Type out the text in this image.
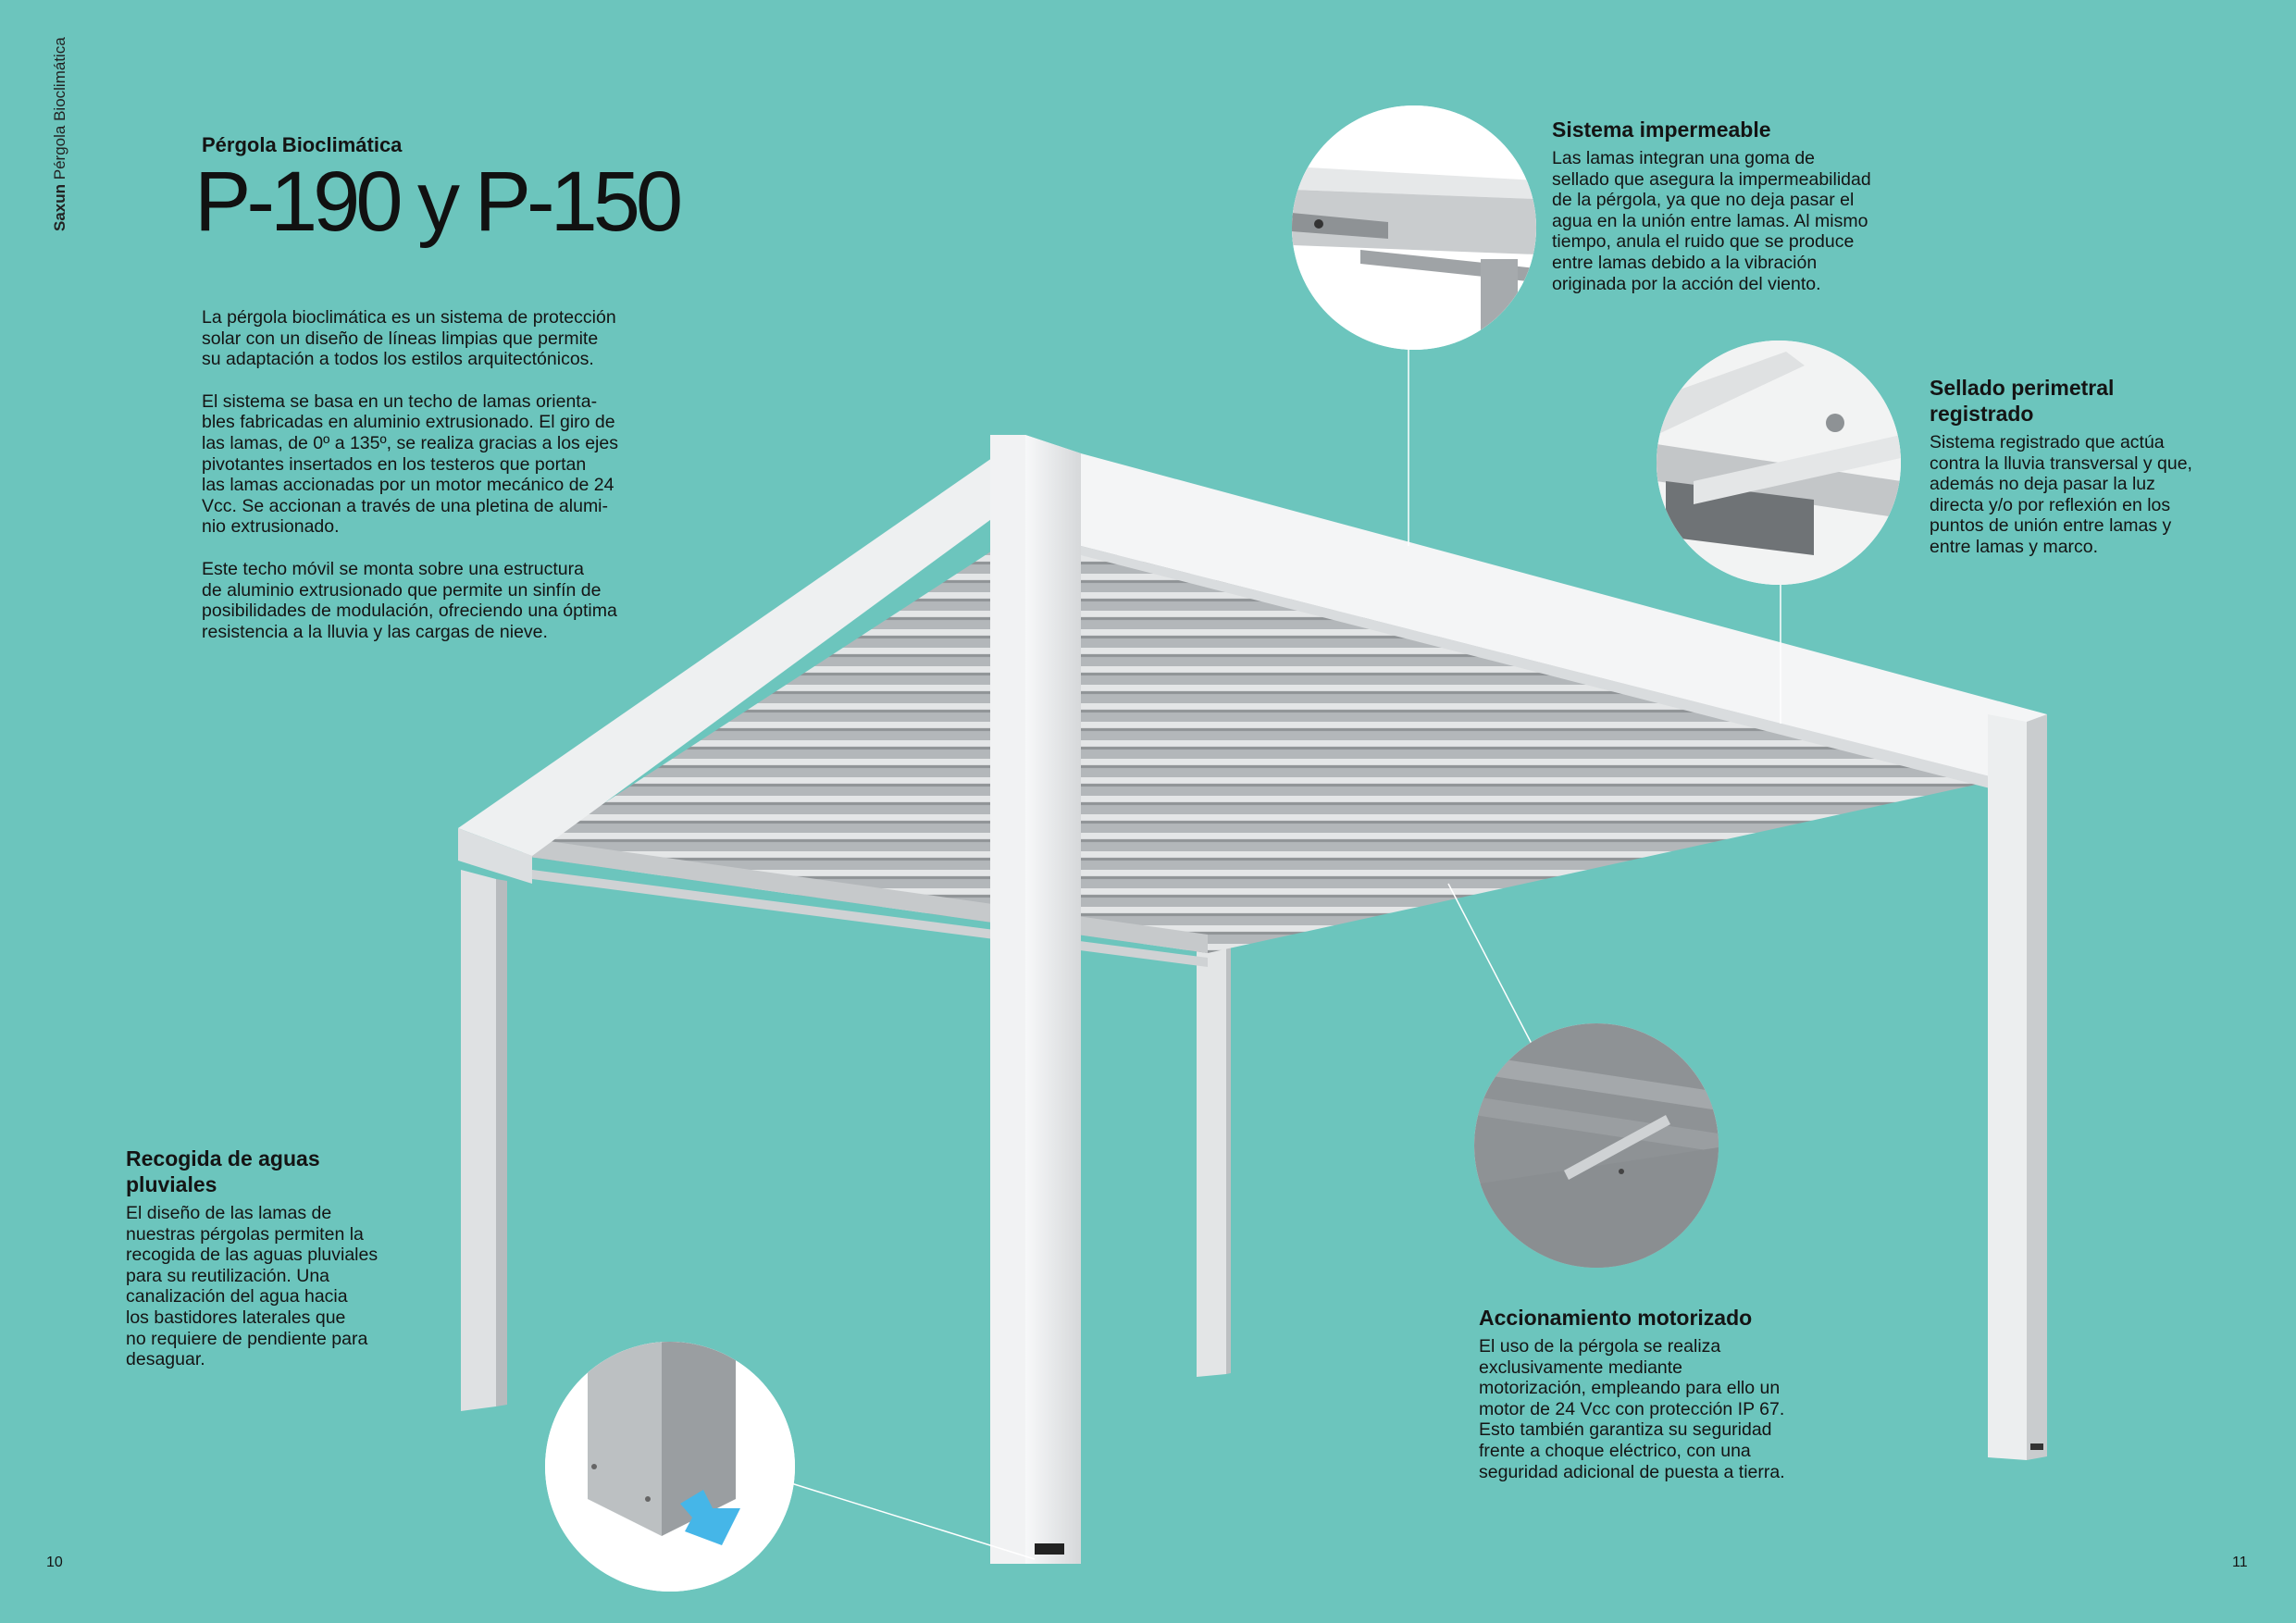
Saxun Pérgola Bioclimática	Pérgola Bioclimática
P-190 y P-150

La pérgola bioclimática es un sistema de protección
solar con un diseño de líneas limpias que permite
su adaptación a todos los estilos arquitectónicos.

El sistema se basa en un techo de lamas orienta-
bles fabricadas en aluminio extrusionado. El giro de
las lamas, de 0º a 135º, se realiza gracias a los ejes
pivotantes insertados en los testeros que portan
las lamas accionadas por un motor mecánico de 24
Vcc. Se accionan a través de una pletina de alumi-
nio extrusionado.

Este techo móvil se monta sobre una estructura
de aluminio extrusionado que permite un sinfín de
posibilidades de modulación, ofreciendo una óptima
resistencia a la lluvia y las cargas de nieve.

Sistema impermeable
Las lamas integran una goma de
sellado que asegura la impermeabilidad
de la pérgola, ya que no deja pasar el
agua en la unión entre lamas. Al mismo
tiempo, anula el ruido que se produce
entre lamas debido a la vibración
originada por la acción del viento.
Sellado perimetral
registrado
Sistema registrado que actúa
contra la lluvia transversal y que,
además no deja pasar la luz
directa y/o por reflexión en los
puntos de unión entre lamas y
entre lamas y marco.
Recogida de aguas
pluviales
El diseño de las lamas de
nuestras pérgolas permiten la
recogida de las aguas pluviales
para su reutilización. Una
canalización del agua hacia
los bastidores laterales que
no requiere de pendiente para
desaguar.
Accionamiento motorizado
El uso de la pérgola se realiza
exclusivamente mediante
motorización, empleando para ello un
motor de 24 Vcc con protección IP 67.
Esto también garantiza su seguridad
frente a choque eléctrico, con una
seguridad adicional de puesta a tierra.
10	11
